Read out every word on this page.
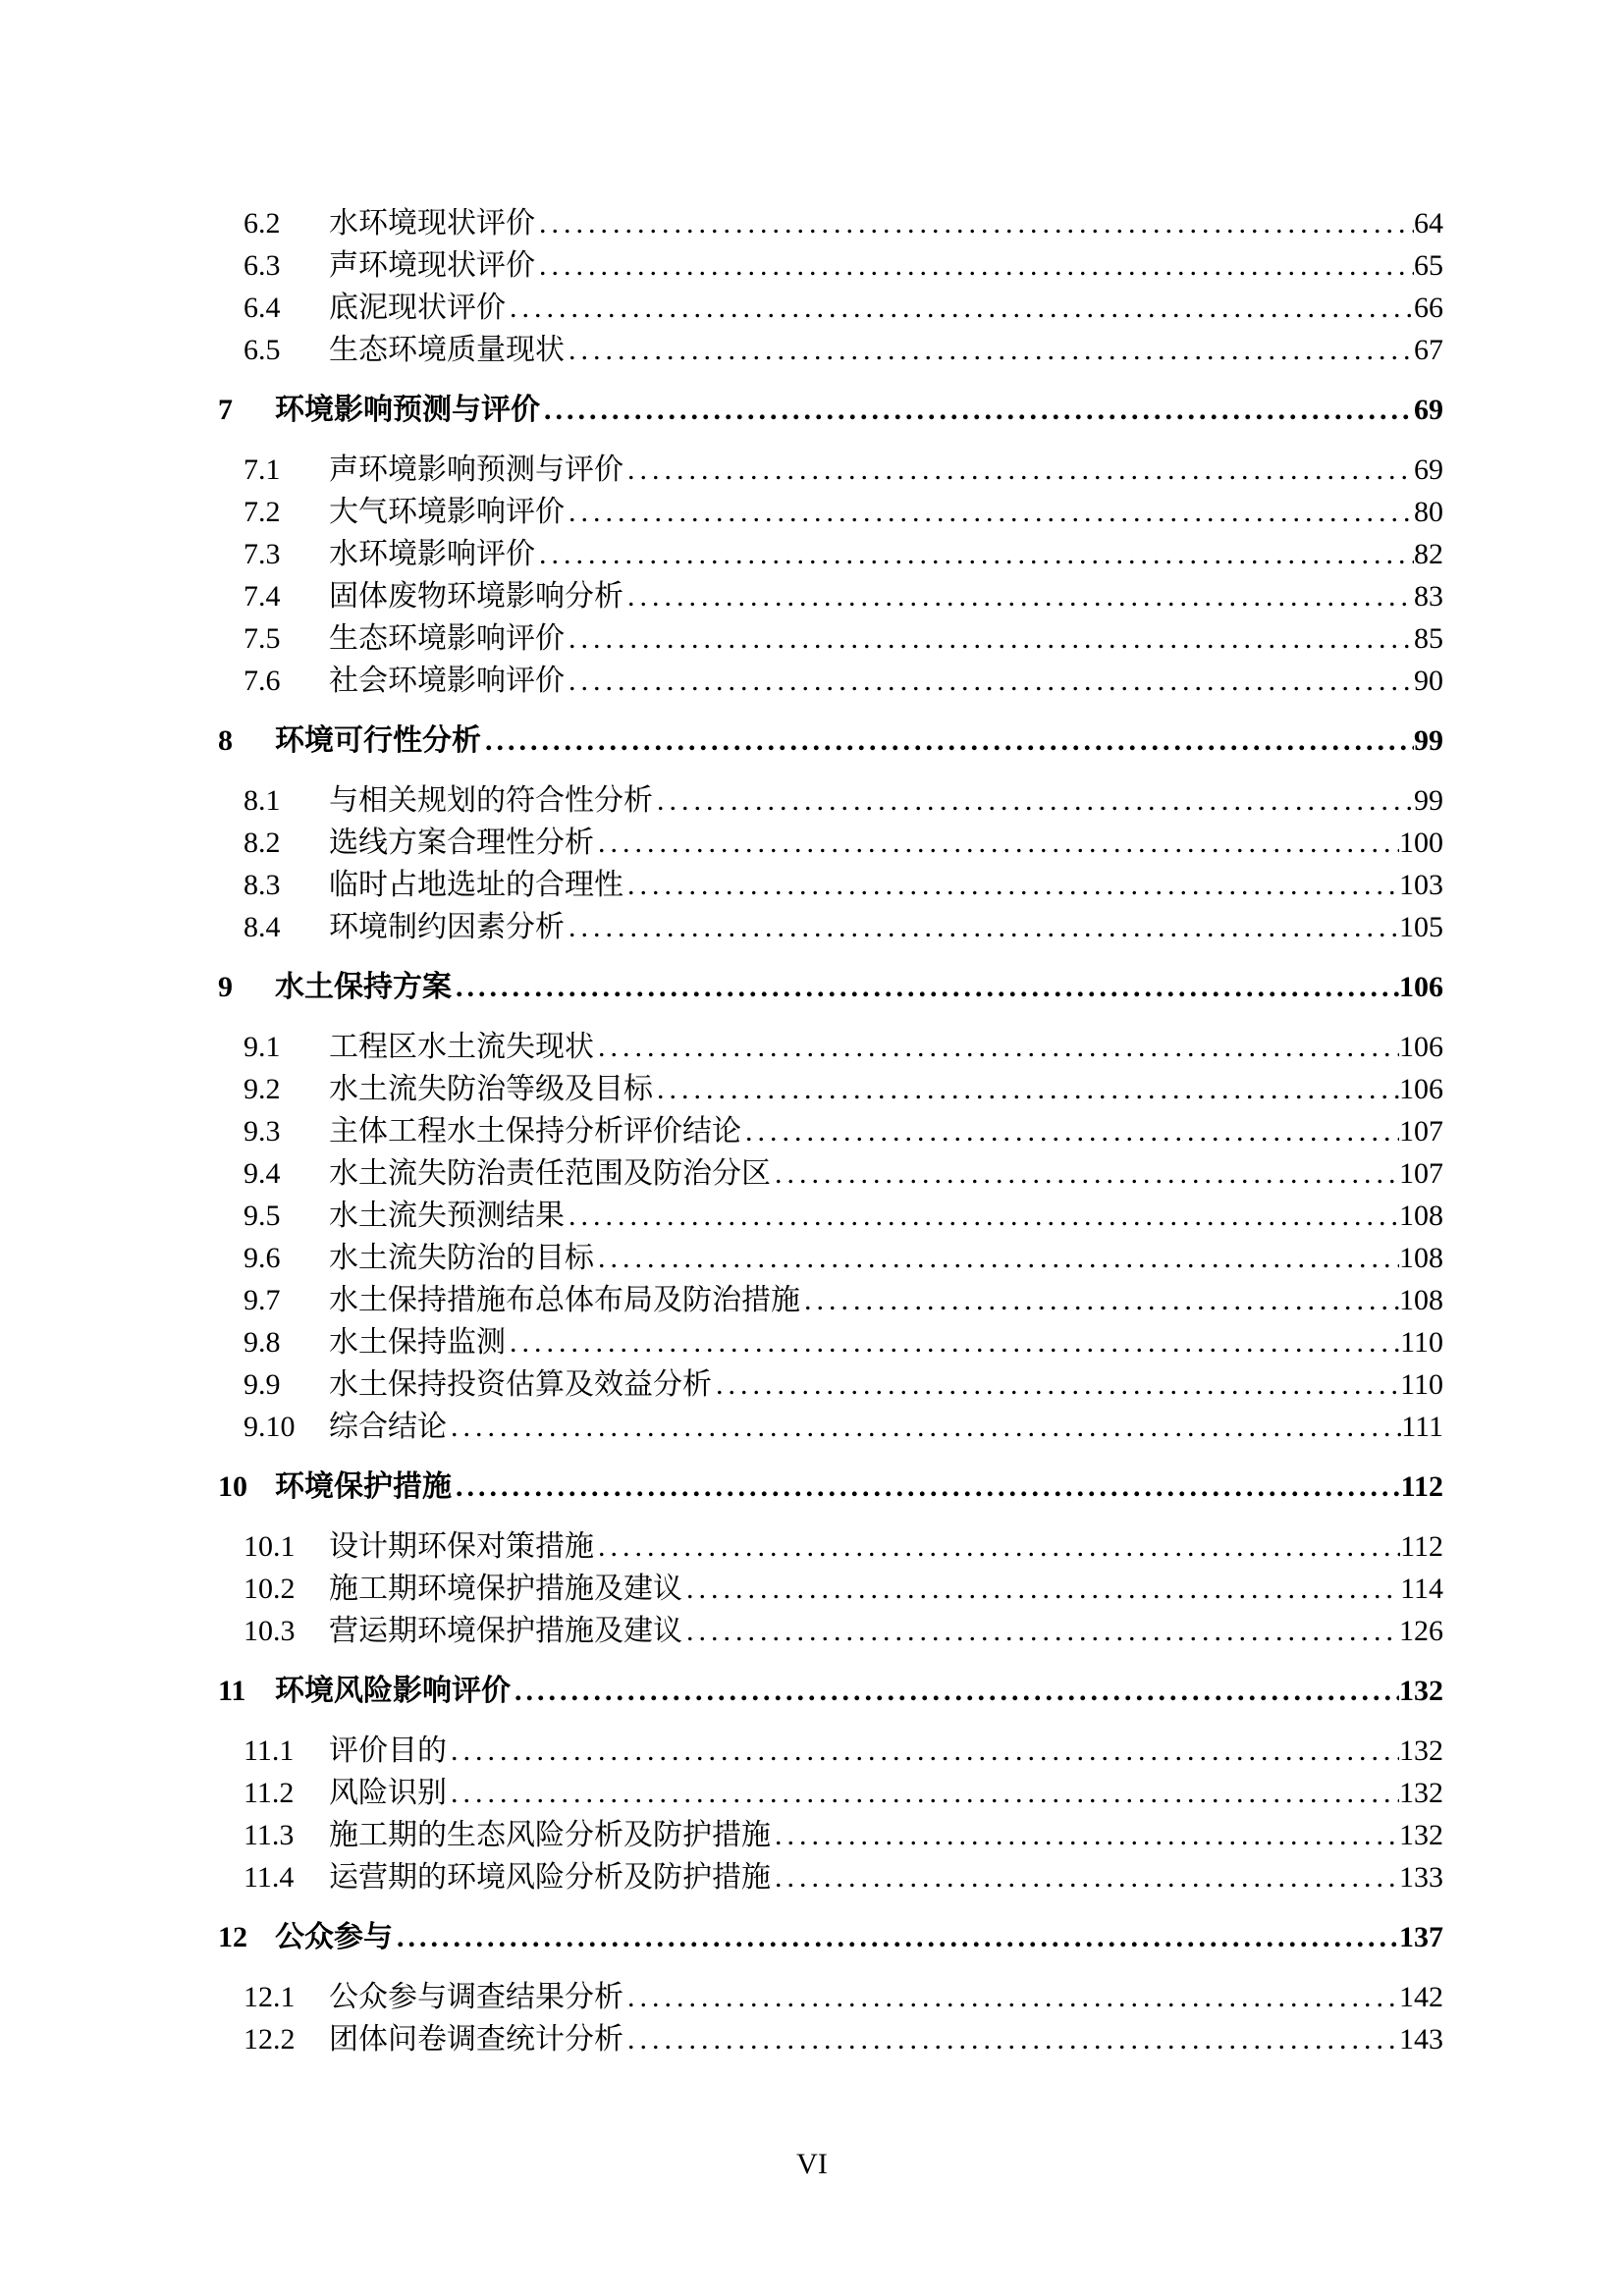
6.2	水环境现状评价 .....	64
6.3	声环境现状评价 .....	65
6.4	底泥现状评价 .....	66
6.5	生态环境质量现状 .....	67
7	环境影响预测与评价 .....	69
7.1	声环境影响预测与评价 .....	69
7.2	大气环境影响评价 .....	80
7.3	水环境影响评价 .....	82
7.4	固体废物环境影响分析 .....	83
7.5	生态环境影响评价 .....	85
7.6	社会环境影响评价 .....	90
8	环境可行性分析 .....	99
8.1	与相关规划的符合性分析 .....	99
8.2	选线方案合理性分析 .....	100
8.3	临时占地选址的合理性 .....	103
8.4	环境制约因素分析 .....	105
9	水土保持方案 .....	106
9.1	工程区水土流失现状 .....	106
9.2	水土流失防治等级及目标 .....	106
9.3	主体工程水土保持分析评价结论 .....	107
9.4	水土流失防治责任范围及防治分区 .....	107
9.5	水土流失预测结果 .....	108
9.6	水土流失防治的目标 .....	108
9.7	水土保持措施布总体布局及防治措施 .....	108
9.8	水土保持监测 .....	110
9.9	水土保持投资估算及效益分析 .....	110
9.10	综合结论 .....	111
10 环境保护措施 .....	112
10.1	设计期环保对策措施 .....	112
10.2	施工期环境保护措施及建议 .....	114
10.3	营运期环境保护措施及建议 .....	126
11 环境风险影响评价 .....	132
11.1	评价目的 .....	132
11.2	风险识别 .....	132
11.3	施工期的生态风险分析及防护措施 .....	132
11.4	运营期的环境风险分析及防护措施 .....	133
12 公众参与 .....	137
12.1	公众参与调查结果分析 .....	142
12.2	团体问卷调查统计分析 .....	143
VI
